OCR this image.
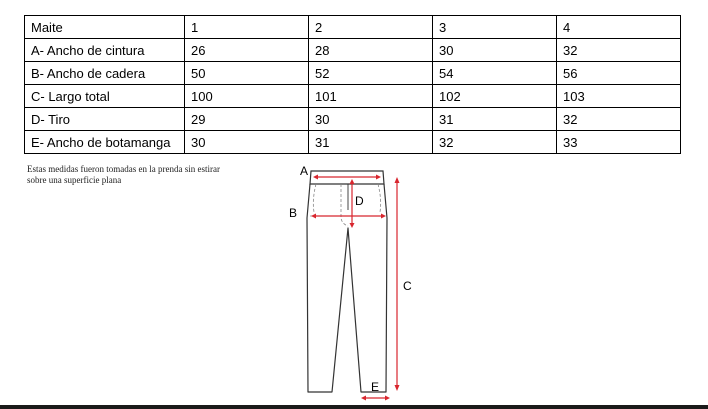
Maite	1	2	3	4
A- Ancho de cintura	26	28	30	32
B- Ancho de cadera	50	52	54	56
C- Largo total	100	101	102	103
D- Tiro	29	30	31	32
E- Ancho de botamanga	30	31	32	33
Estas medidas fueron tomadas en la prenda sin estirar
sobre una superficie plana
A
B
D
C
E
